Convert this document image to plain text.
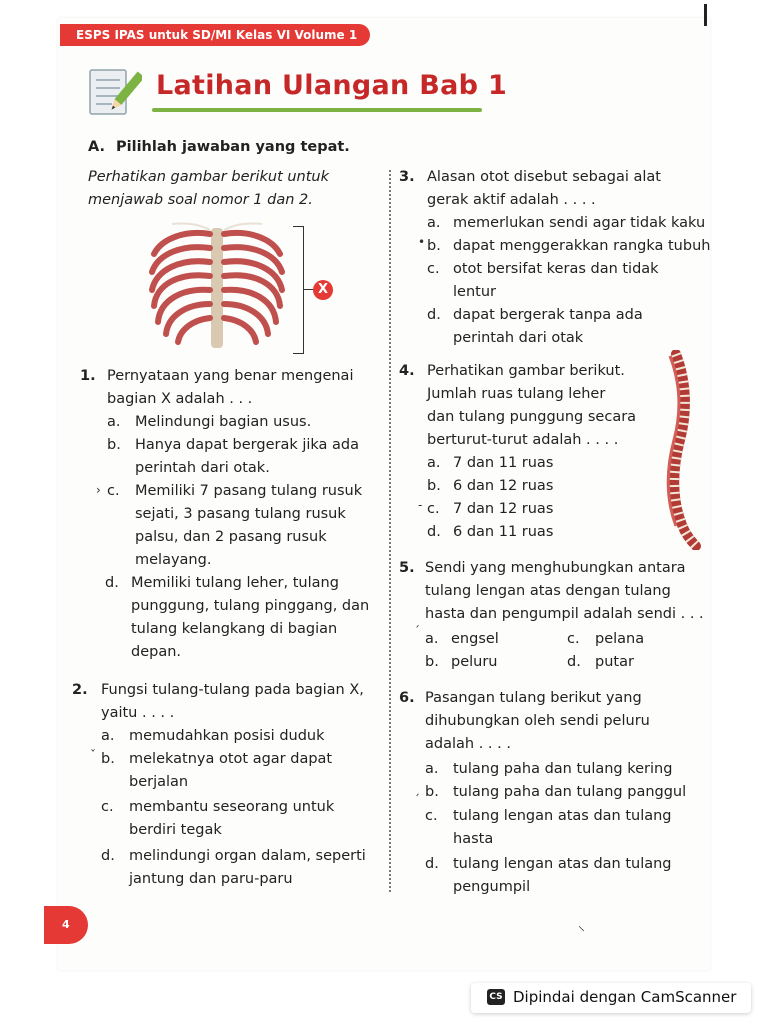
ESPS IPAS untuk SD/MI Kelas VI Volume 1
Latihan Ulangan Bab 1
A. Pilihlah jawaban yang tepat.
Perhatikan gambar berikut untuk
menjawab soal nomor 1 dan 2.
X
1. Pernyataan yang benar mengenai
bagian X adalah . . .
a. Melindungi bagian usus.
b. Hanya dapat bergerak jika ada
perintah dari otak.
› c. Memiliki 7 pasang tulang rusuk
sejati, 3 pasang tulang rusuk
palsu, dan 2 pasang rusuk
melayang.
d. Memiliki tulang leher, tulang
punggung, tulang pinggang, dan
tulang kelangkang di bagian
depan.
2. Fungsi tulang-tulang pada bagian X,
yaitu . . . .
a. memudahkan posisi duduk
ˇ b. melekatnya otot agar dapat
berjalan
c. membantu seseorang untuk
berdiri tegak
d. melindungi organ dalam, seperti
jantung dan paru-paru
3. Alasan otot disebut sebagai alat
gerak aktif adalah . . . .
a. memerlukan sendi agar tidak kaku
• b. dapat menggerakkan rangka tubuh
c. otot bersifat keras dan tidak
lentur
d. dapat bergerak tanpa ada
perintah dari otak
4. Perhatikan gambar berikut.
Jumlah ruas tulang leher
dan tulang punggung secara
berturut-turut adalah . . . .
a. 7 dan 11 ruas
b. 6 dan 12 ruas
- c. 7 dan 12 ruas
d. 6 dan 11 ruas
5. Sendi yang menghubungkan antara
tulang lengan atas dengan tulang
hasta dan pengumpil adalah sendi . . .
ˊ a. engsel	c. pelana
b. peluru	d. putar
6. Pasangan tulang berikut yang
dihubungkan oleh sendi peluru
adalah . . . .
a. tulang paha dan tulang kering
ˏ b. tulang paha dan tulang panggul
c. tulang lengan atas dan tulang
hasta
d. tulang lengan atas dan tulang
pengumpil
⸌
4
CS Dipindai dengan CamScanner
